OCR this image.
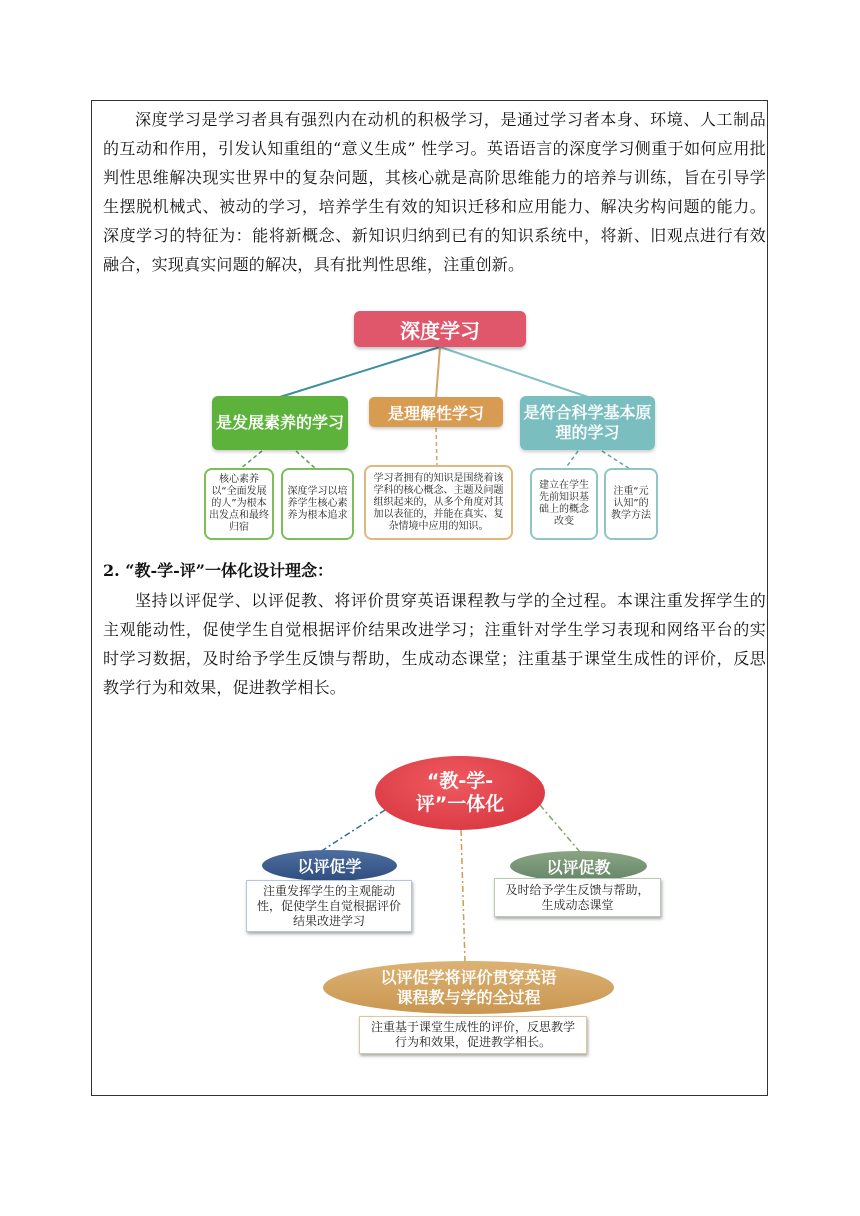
深度学习是学习者具有强烈内在动机的积极学习，是通过学习者本身、环境、人工制品的互动和作用，引发认知重组的“意义生成” 性学习。英语语言的深度学习侧重于如何应用批判性思维解决现实世界中的复杂问题，其核心就是高阶思维能力的培养与训练，旨在引导学生摆脱机械式、被动的学习，培养学生有效的知识迁移和应用能力、解决劣构问题的能力。深度学习的特征为：能将新概念、新知识归纳到已有的知识系统中，将新、旧观点进行有效融合，实现真实问题的解决，具有批判性思维，注重创新。

深度学习
是发展素养的学习	是理解性学习	是符合科学基本原理的学习
核心素养以“全面发展的人”为根本出发点和最终归宿
深度学习以培养学生核心素养为根本追求
学习者拥有的知识是围绕着该学科的核心概念、主题及问题组织起来的，从多个角度对其加以表征的，并能在真实、复杂情境中应用的知识。
建立在学生先前知识基础上的概念改变
注重“元认知”的教学方法

2. “教-学-评”一体化设计理念：

坚持以评促学、以评促教、将评价贯穿英语课程教与学的全过程。本课注重发挥学生的主观能动性，促使学生自觉根据评价结果改进学习；注重针对学生学习表现和网络平台的实时学习数据，及时给予学生反馈与帮助，生成动态课堂；注重基于课堂生成性的评价，反思教学行为和效果，促进教学相长。

“教-学-评”一体化
以评促学
注重发挥学生的主观能动性，促使学生自觉根据评价结果改进学习
以评促教
及时给予学生反馈与帮助，生成动态课堂
以评促学将评价贯穿英语课程教与学的全过程
注重基于课堂生成性的评价，反思教学行为和效果，促进教学相长。
